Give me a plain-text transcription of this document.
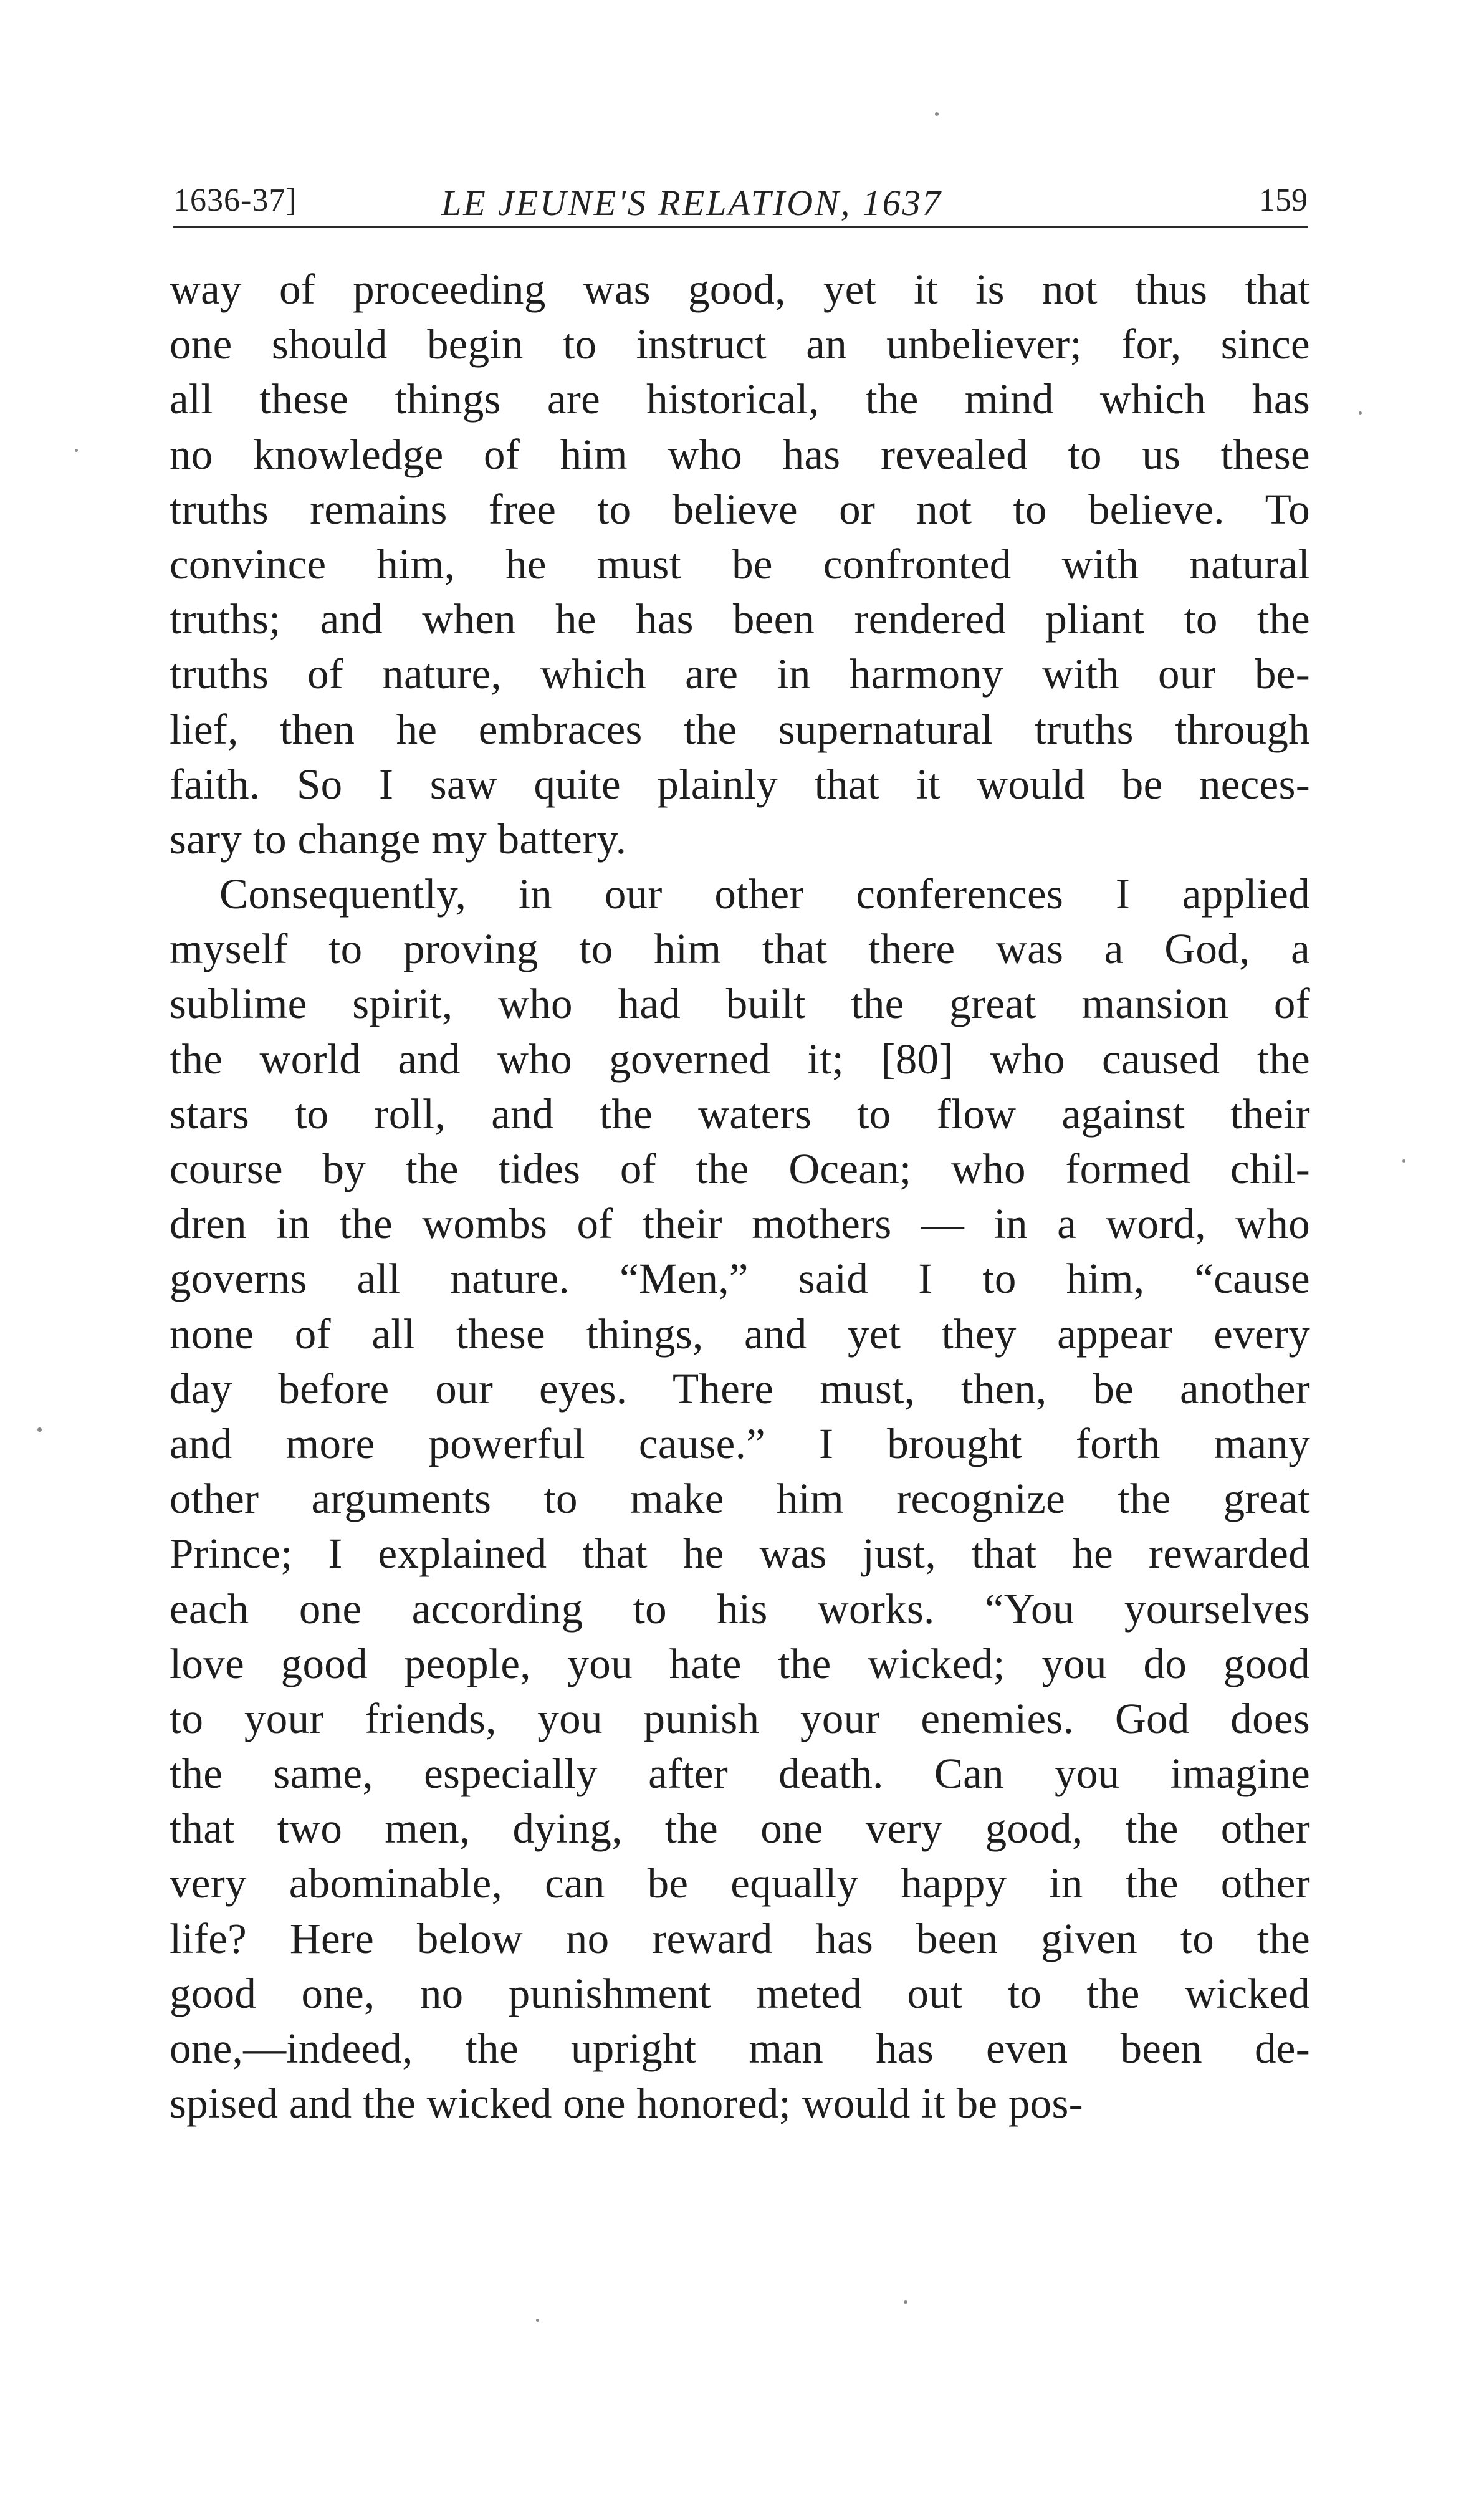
1636-37]	LE JEUNE'S RELATION, 1637	159
way of proceeding was good, yet it is not thus that
one should begin to instruct an unbeliever; for, since
all these things are historical, the mind which has
no knowledge of him who has revealed to us these
truths remains free to believe or not to believe. To
convince him, he must be confronted with natural
truths; and when he has been rendered pliant to the
truths of nature, which are in harmony with our be-
lief, then he embraces the supernatural truths through
faith. So I saw quite plainly that it would be neces-
sary to change my battery.
Consequently, in our other conferences I applied
myself to proving to him that there was a God, a
sublime spirit, who had built the great mansion of
the world and who governed it; [80] who caused the
stars to roll, and the waters to flow against their
course by the tides of the Ocean; who formed chil-
dren in the wombs of their mothers — in a word, who
governs all nature. “Men,” said I to him, “cause
none of all these things, and yet they appear every
day before our eyes. There must, then, be another
and more powerful cause.” I brought forth many
other arguments to make him recognize the great
Prince; I explained that he was just, that he rewarded
each one according to his works. “You yourselves
love good people, you hate the wicked; you do good
to your friends, you punish your enemies. God does
the same, especially after death. Can you imagine
that two men, dying, the one very good, the other
very abominable, can be equally happy in the other
life? Here below no reward has been given to the
good one, no punishment meted out to the wicked
one,—indeed, the upright man has even been de-
spised and the wicked one honored; would it be pos-
